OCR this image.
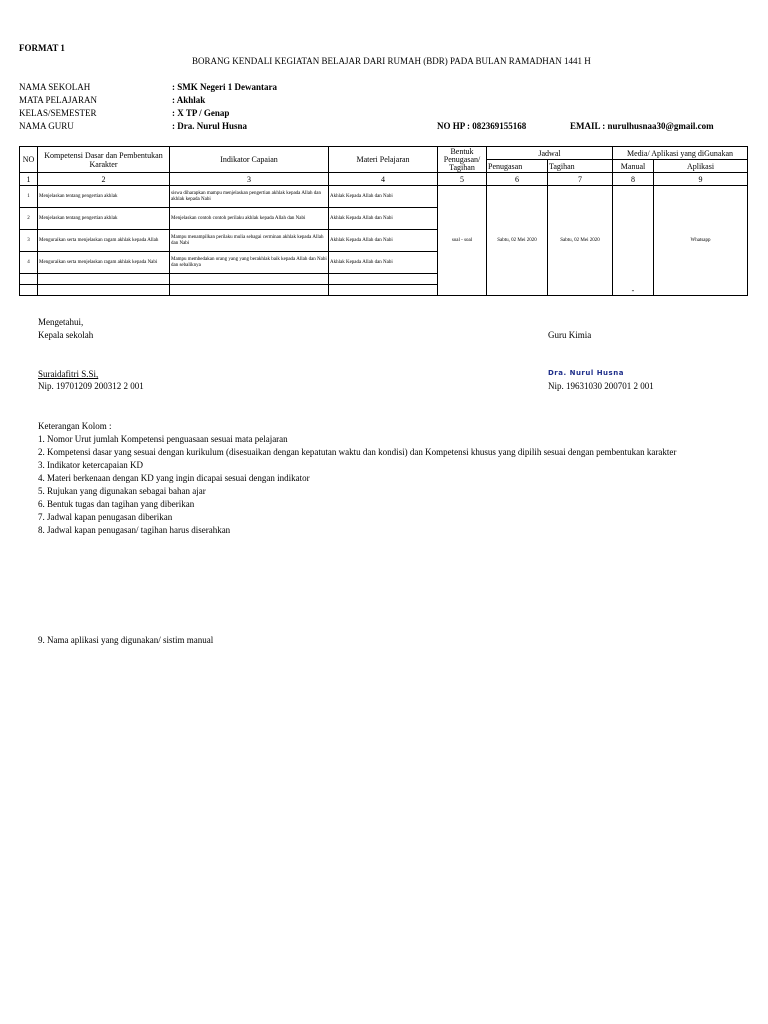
FORMAT 1
BORANG KENDALI KEGIATAN BELAJAR DARI RUMAH (BDR) PADA BULAN RAMADHAN 1441 H
NAMA SEKOLAH	: SMK Negeri 1 Dewantara
MATA PELAJARAN	: Akhlak
KELAS/SEMESTER	: X TP / Genap
NAMA GURU	: Dra. Nurul Husna	NO HP : 082369155168	EMAIL : nurulhusnaa30@gmail.com
NO	Kompetensi Dasar dan Pembentukan Karakter	Indikator Capaian	Materi Pelajaran	Bentuk Penugasan/ Tagihan	Jadwal		Media/ Aplikasi yang diGunakan	
					Penugasan	Tagihan	Manual	Aplikasi
1	2	3	4	5	6	7	8	9
1	Menjelaskan tentang pengertian akhlak	siswa diharapkan mampu menjelaskan pengertian akhlak kepada Allah dan akhlak kepada Nabi	Akhlak Kepada Allah dan Nabi	soal - soal	Sabtu, 02 Mei 2020	Sabtu, 02 Mei 2020	-	Whatsapp
2	Menjelaskan tentang pengertian akhlak	Menjelaskan contoh contoh perilaku akhlak kepada Allah dan Nabi	Akhlak Kepada Allah dan Nabi					
3	Menguraikan serta menjelaskan ragam akhlak kepada Allah	Mampu menampilkan perilaku mulia sebagai cerminan akhlak kepada Allah dan Nabi	Akhlak Kepada Allah dan Nabi					
4	Menguraikan serta menjelaskan ragam akhlak kepada Nabi	Mampu membedakan orang yang yang berakhlak baik kepada Allah dan Nabi dan sebaliknya	Akhlak Kepada Allah dan Nabi					

Mengetahui,
Kepala sekolah	Guru Kimia
Suraidafitri S.Si,
Nip. 19701209 200312 2 001
Dra. Nurul Husna
Nip. 19631030 200701 2 001
Keterangan Kolom :
1. Nomor Urut jumlah Kompetensi penguasaan sesuai mata pelajaran
2. Kompetensi dasar yang sesuai dengan kurikulum (disesuaikan dengan kepatutan waktu dan kondisi) dan Kompetensi khusus yang dipilih sesuai dengan pembentukan karakter
3. Indikator ketercapaian KD
4. Materi berkenaan dengan KD yang ingin dicapai sesuai dengan indikator
5. Rujukan yang digunakan sebagai bahan ajar
6. Bentuk tugas dan tagihan yang diberikan
7. Jadwal kapan penugasan diberikan
8. Jadwal kapan penugasan/ tagihan harus diserahkan
9. Nama aplikasi yang digunakan/ sistim manual
